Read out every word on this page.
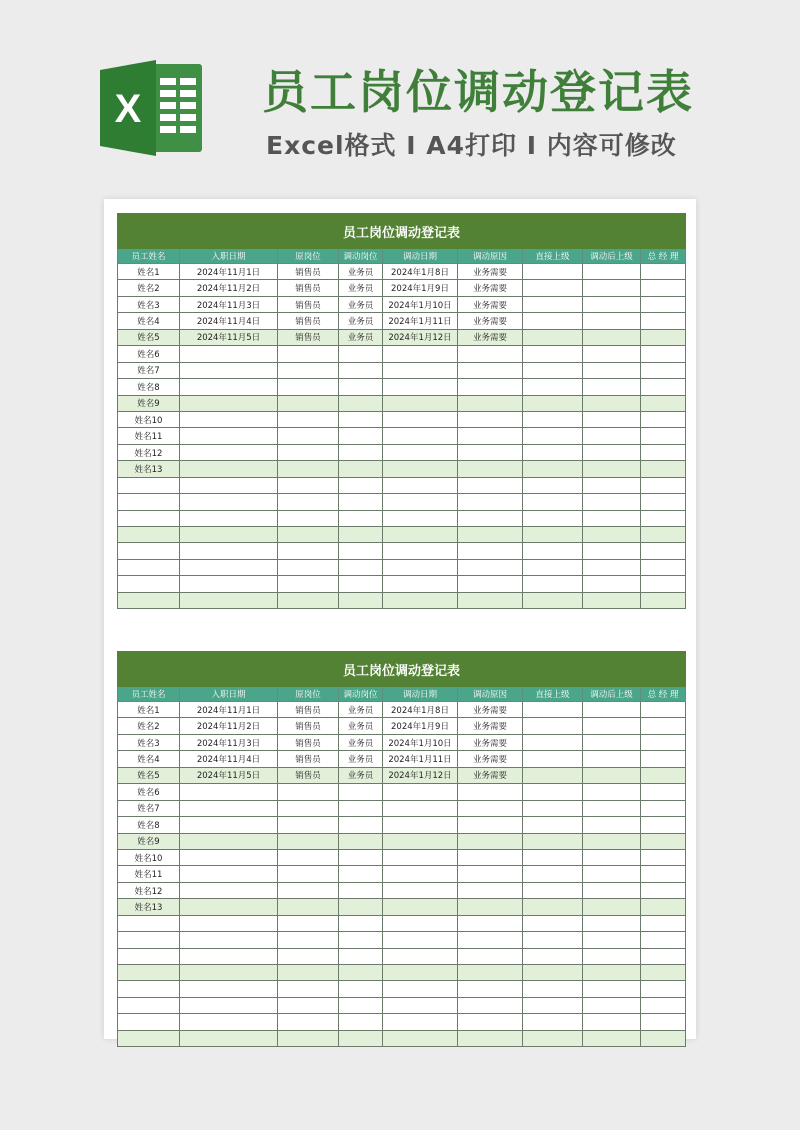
X	员工岗位调动登记表
Excel格式 I A4打印 I 内容可修改
员工岗位调动登记表								
员工姓名	入职日期	原岗位	调动岗位	调动日期	调动原因	直接上级	调动后上级	总 经 理
姓名1	2024年11月1日	销售员	业务员	2024年1月8日	业务需要			
姓名2	2024年11月2日	销售员	业务员	2024年1月9日	业务需要			
姓名3	2024年11月3日	销售员	业务员	2024年1月10日	业务需要			
姓名4	2024年11月4日	销售员	业务员	2024年1月11日	业务需要			
姓名5	2024年11月5日	销售员	业务员	2024年1月12日	业务需要			
姓名6								
姓名7								
姓名8								
姓名9								
姓名10								
姓名11								
姓名12								
姓名13								

员工岗位调动登记表								
员工姓名	入职日期	原岗位	调动岗位	调动日期	调动原因	直接上级	调动后上级	总 经 理
姓名1	2024年11月1日	销售员	业务员	2024年1月8日	业务需要			
姓名2	2024年11月2日	销售员	业务员	2024年1月9日	业务需要			
姓名3	2024年11月3日	销售员	业务员	2024年1月10日	业务需要			
姓名4	2024年11月4日	销售员	业务员	2024年1月11日	业务需要			
姓名5	2024年11月5日	销售员	业务员	2024年1月12日	业务需要			
姓名6								
姓名7								
姓名8								
姓名9								
姓名10								
姓名11								
姓名12								
姓名13								
